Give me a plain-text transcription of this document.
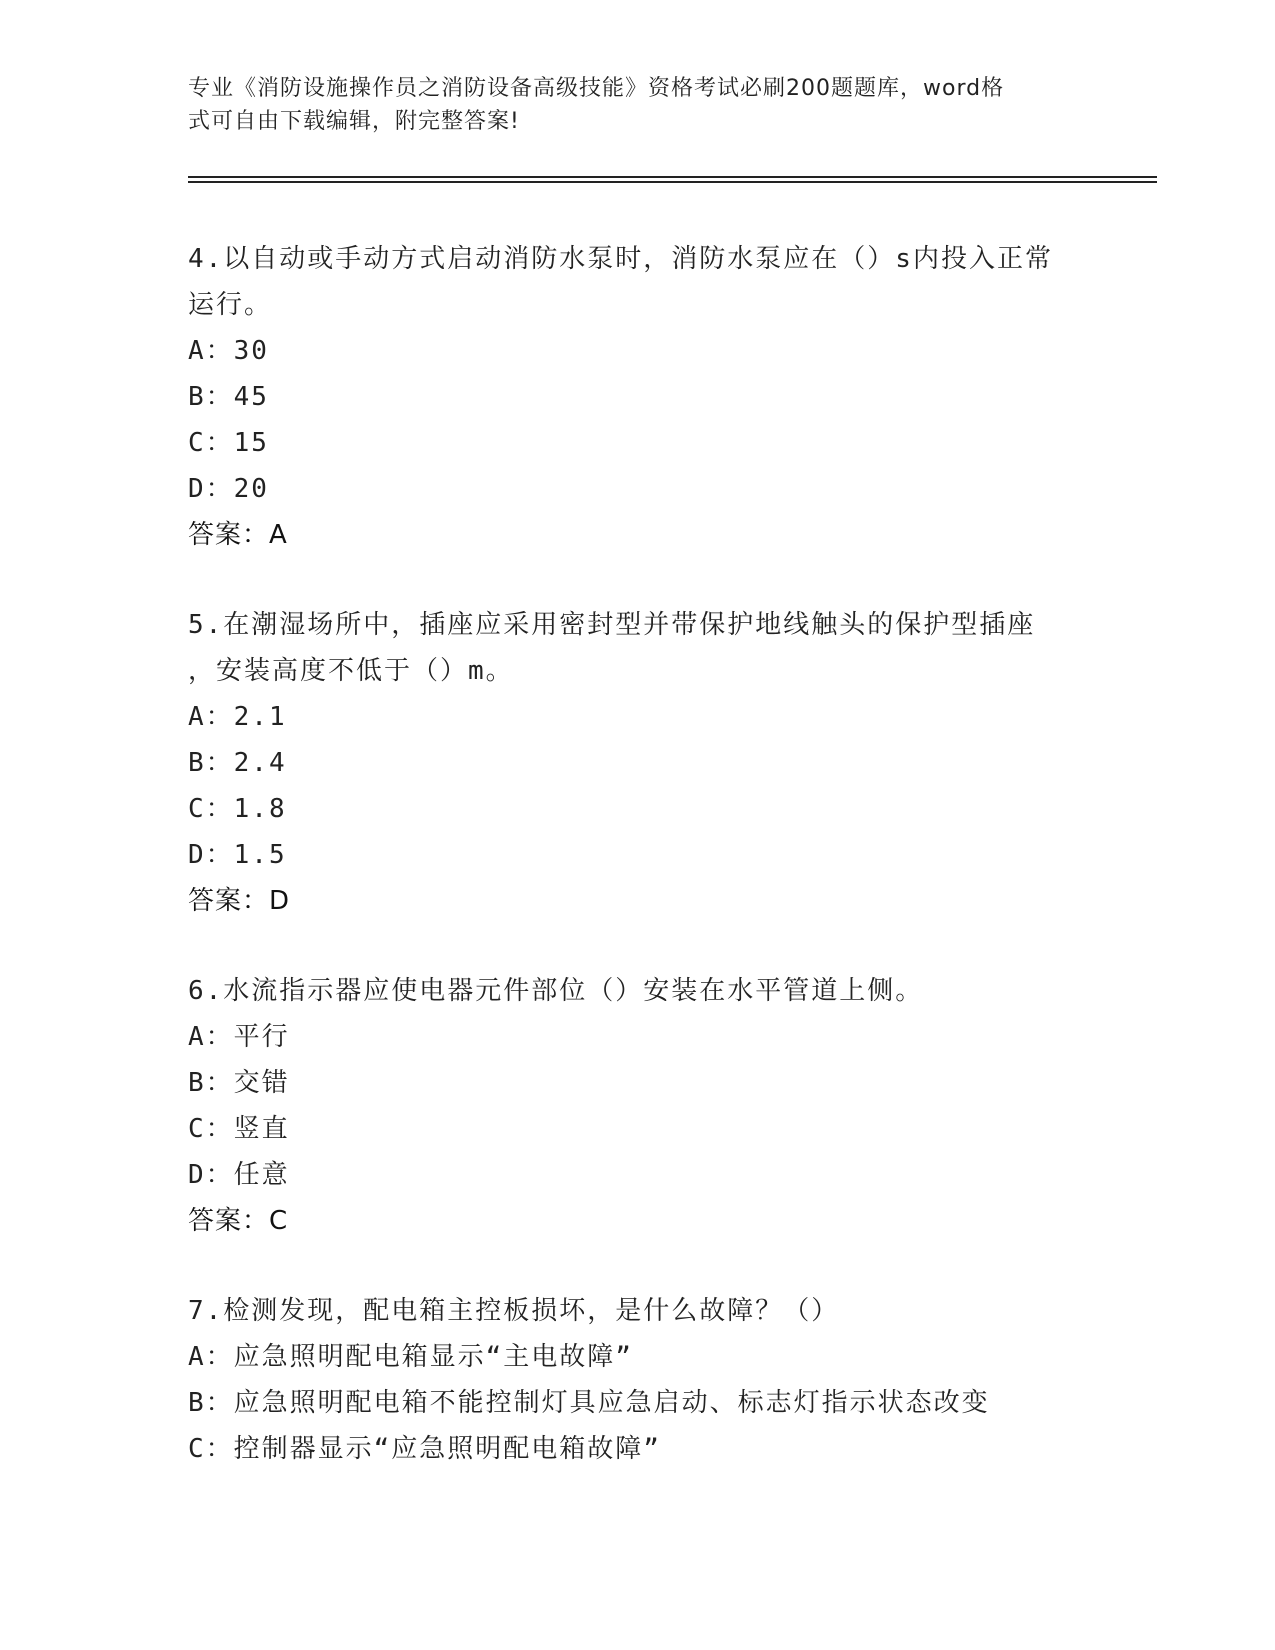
专业《消防设施操作员之消防设备高级技能》资格考试必刷200题题库，word格
式可自由下载编辑，附完整答案!
4.以自动或手动方式启动消防水泵时，消防水泵应在（）s内投入正常
运行。
A：30
B：45
C：15
D：20
答案：A
5.在潮湿场所中，插座应采用密封型并带保护地线触头的保护型插座
，安装高度不低于（）m。
A：2.1
B：2.4
C：1.8
D：1.5
答案：D
6.水流指示器应使电器元件部位（）安装在水平管道上侧。
A：平行
B：交错
C：竖直
D：任意
答案：C
7.检测发现，配电箱主控板损坏，是什么故障？（）
A：应急照明配电箱显示“主电故障”
B：应急照明配电箱不能控制灯具应急启动、标志灯指示状态改变
C：控制器显示“应急照明配电箱故障”
